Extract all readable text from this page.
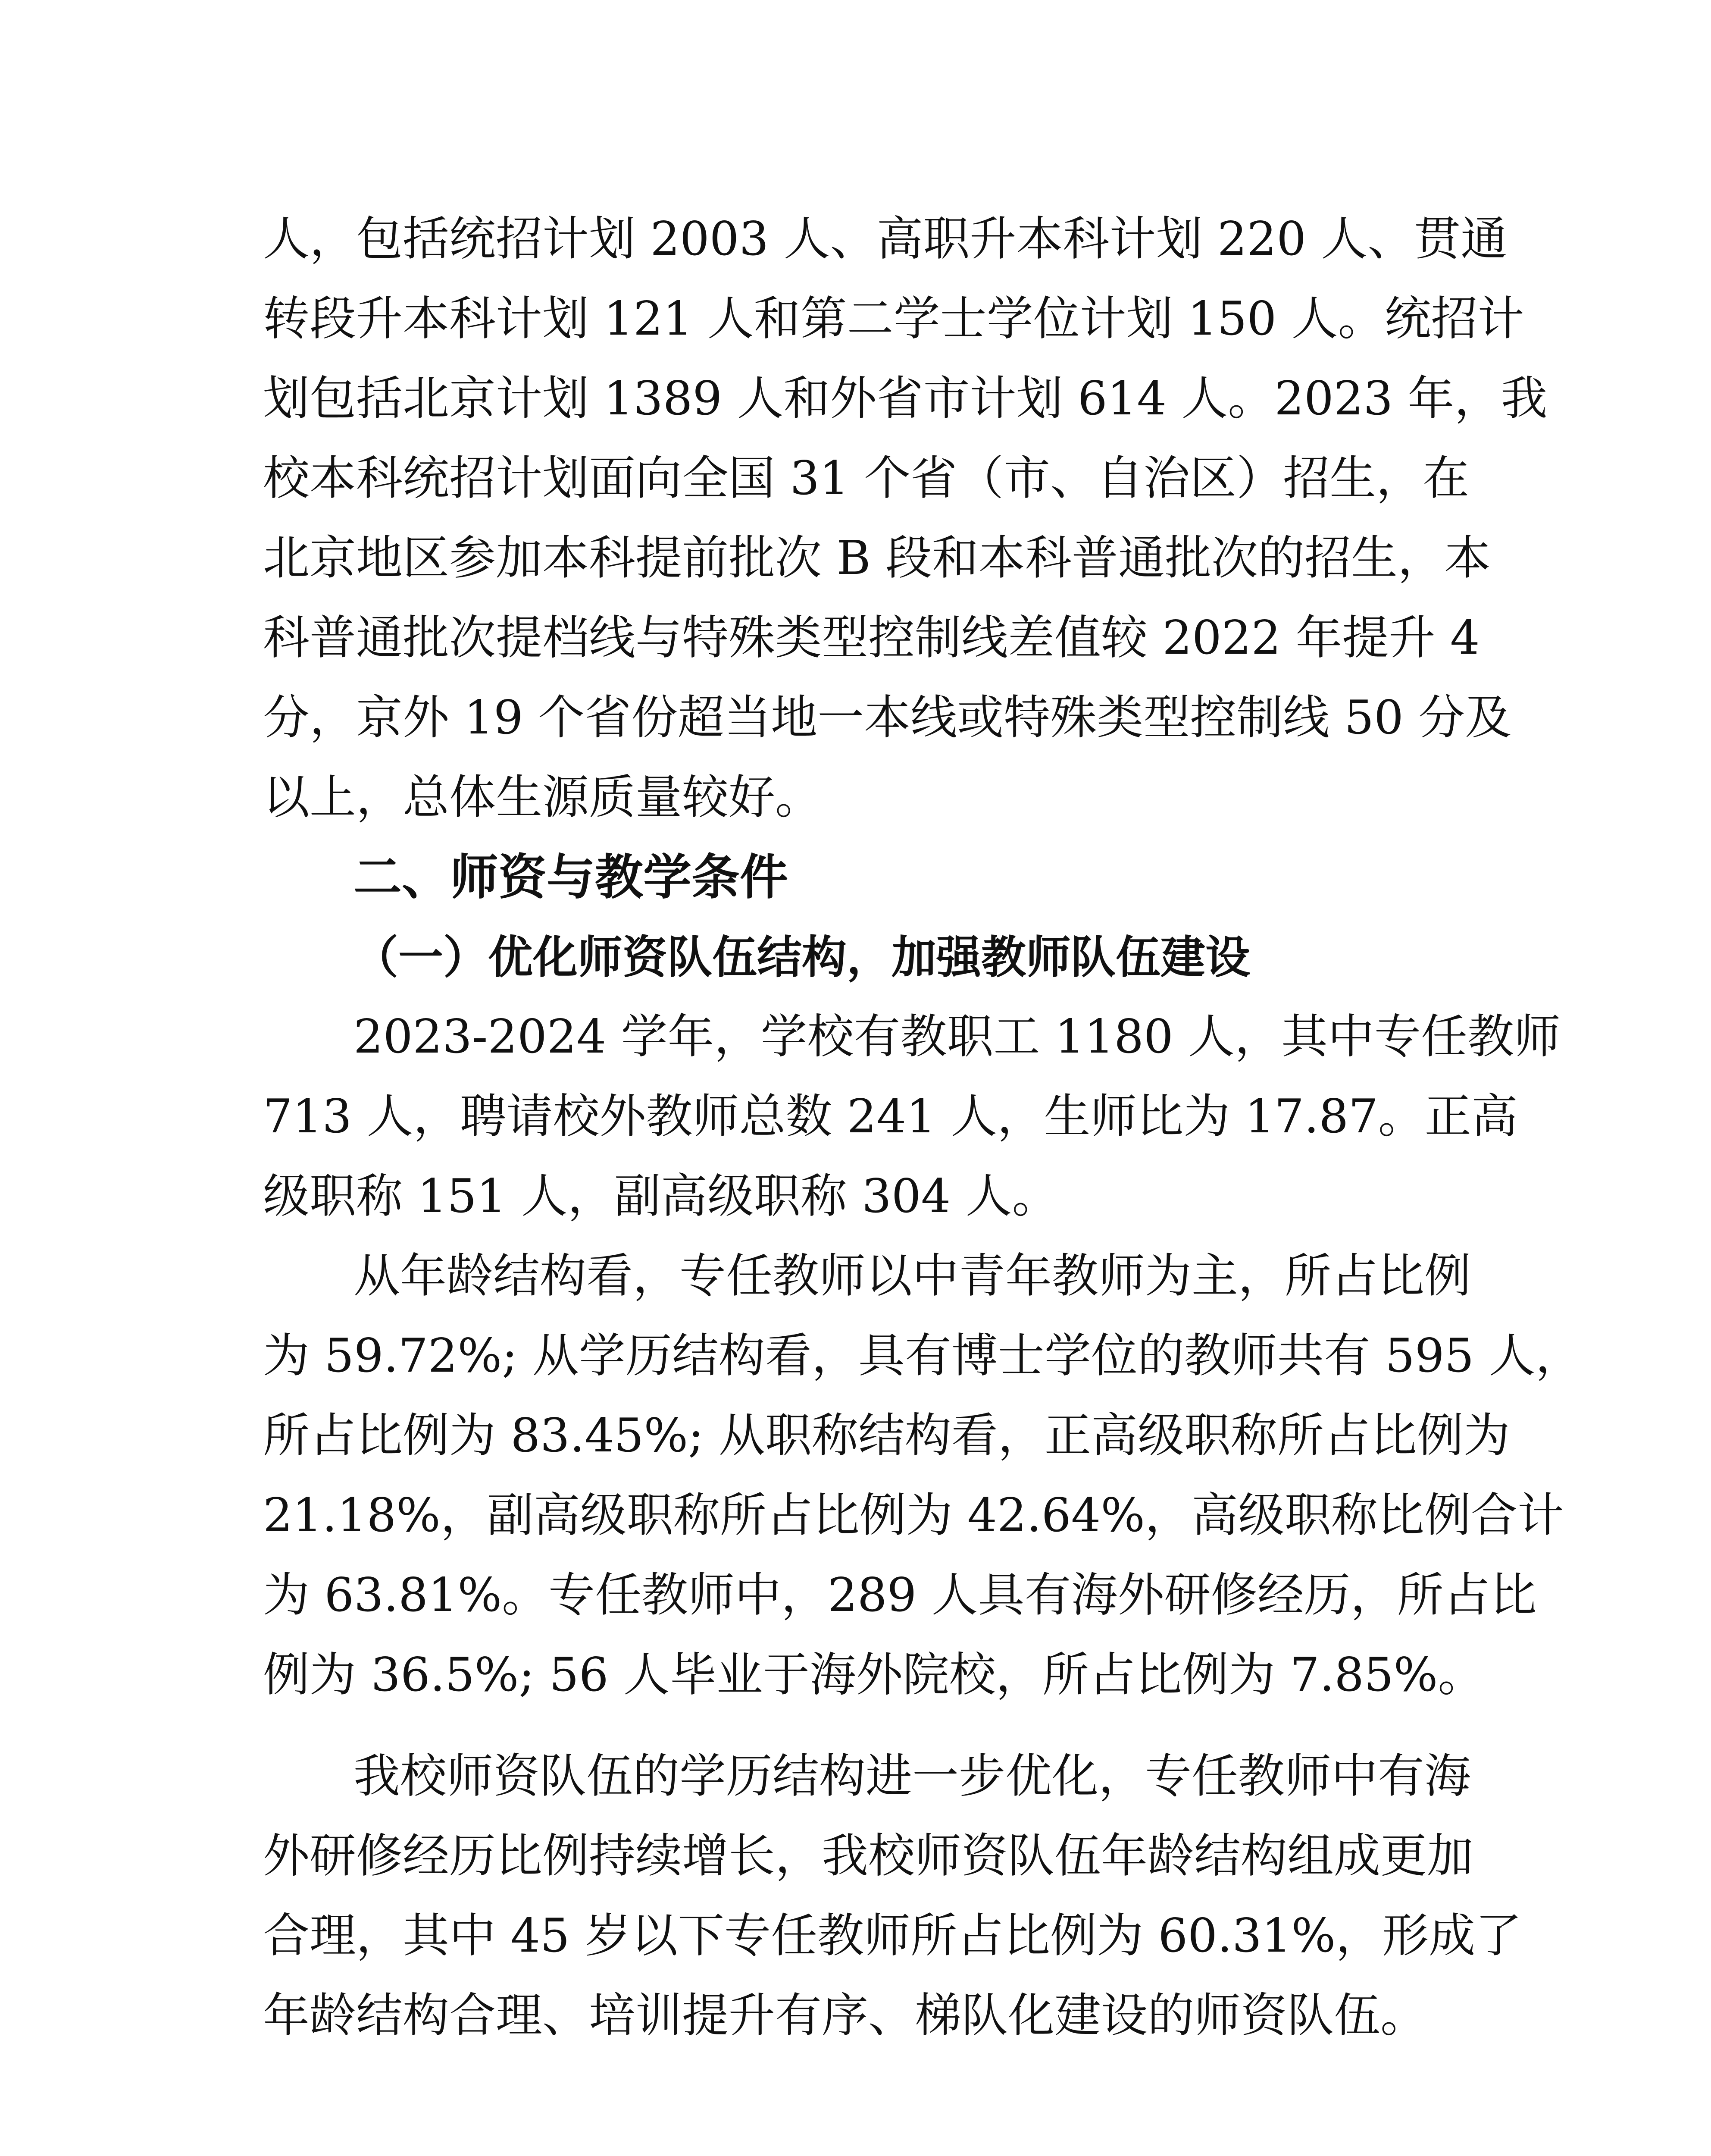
人，包括统招计划 2003 人、高职升本科计划 220 人、贯通
转段升本科计划 121 人和第二学士学位计划 150 人。统招计
划包括北京计划 1389 人和外省市计划 614 人。2023 年，我
校本科统招计划面向全国 31 个省（市、自治区）招生，在
北京地区参加本科提前批次 B 段和本科普通批次的招生，本
科普通批次提档线与特殊类型控制线差值较 2022 年提升 4
分，京外 19 个省份超当地一本线或特殊类型控制线 50 分及
以上，总体生源质量较好。
二、师资与教学条件
（一）优化师资队伍结构，加强教师队伍建设
2023-2024 学年，学校有教职工 1180 人，其中专任教师
713 人，聘请校外教师总数 241 人，生师比为 17.87。正高
级职称 151 人，副高级职称 304 人。
从年龄结构看，专任教师以中青年教师为主，所占比例
为 59.72%; 从学历结构看，具有博士学位的教师共有 595 人，
所占比例为 83.45%; 从职称结构看，正高级职称所占比例为
21.18%，副高级职称所占比例为 42.64%，高级职称比例合计
为 63.81%。专任教师中，289 人具有海外研修经历，所占比
例为 36.5%; 56 人毕业于海外院校，所占比例为 7.85%。
我校师资队伍的学历结构进一步优化，专任教师中有海
外研修经历比例持续增长，我校师资队伍年龄结构组成更加
合理，其中 45 岁以下专任教师所占比例为 60.31%，形成了
年龄结构合理、培训提升有序、梯队化建设的师资队伍。
